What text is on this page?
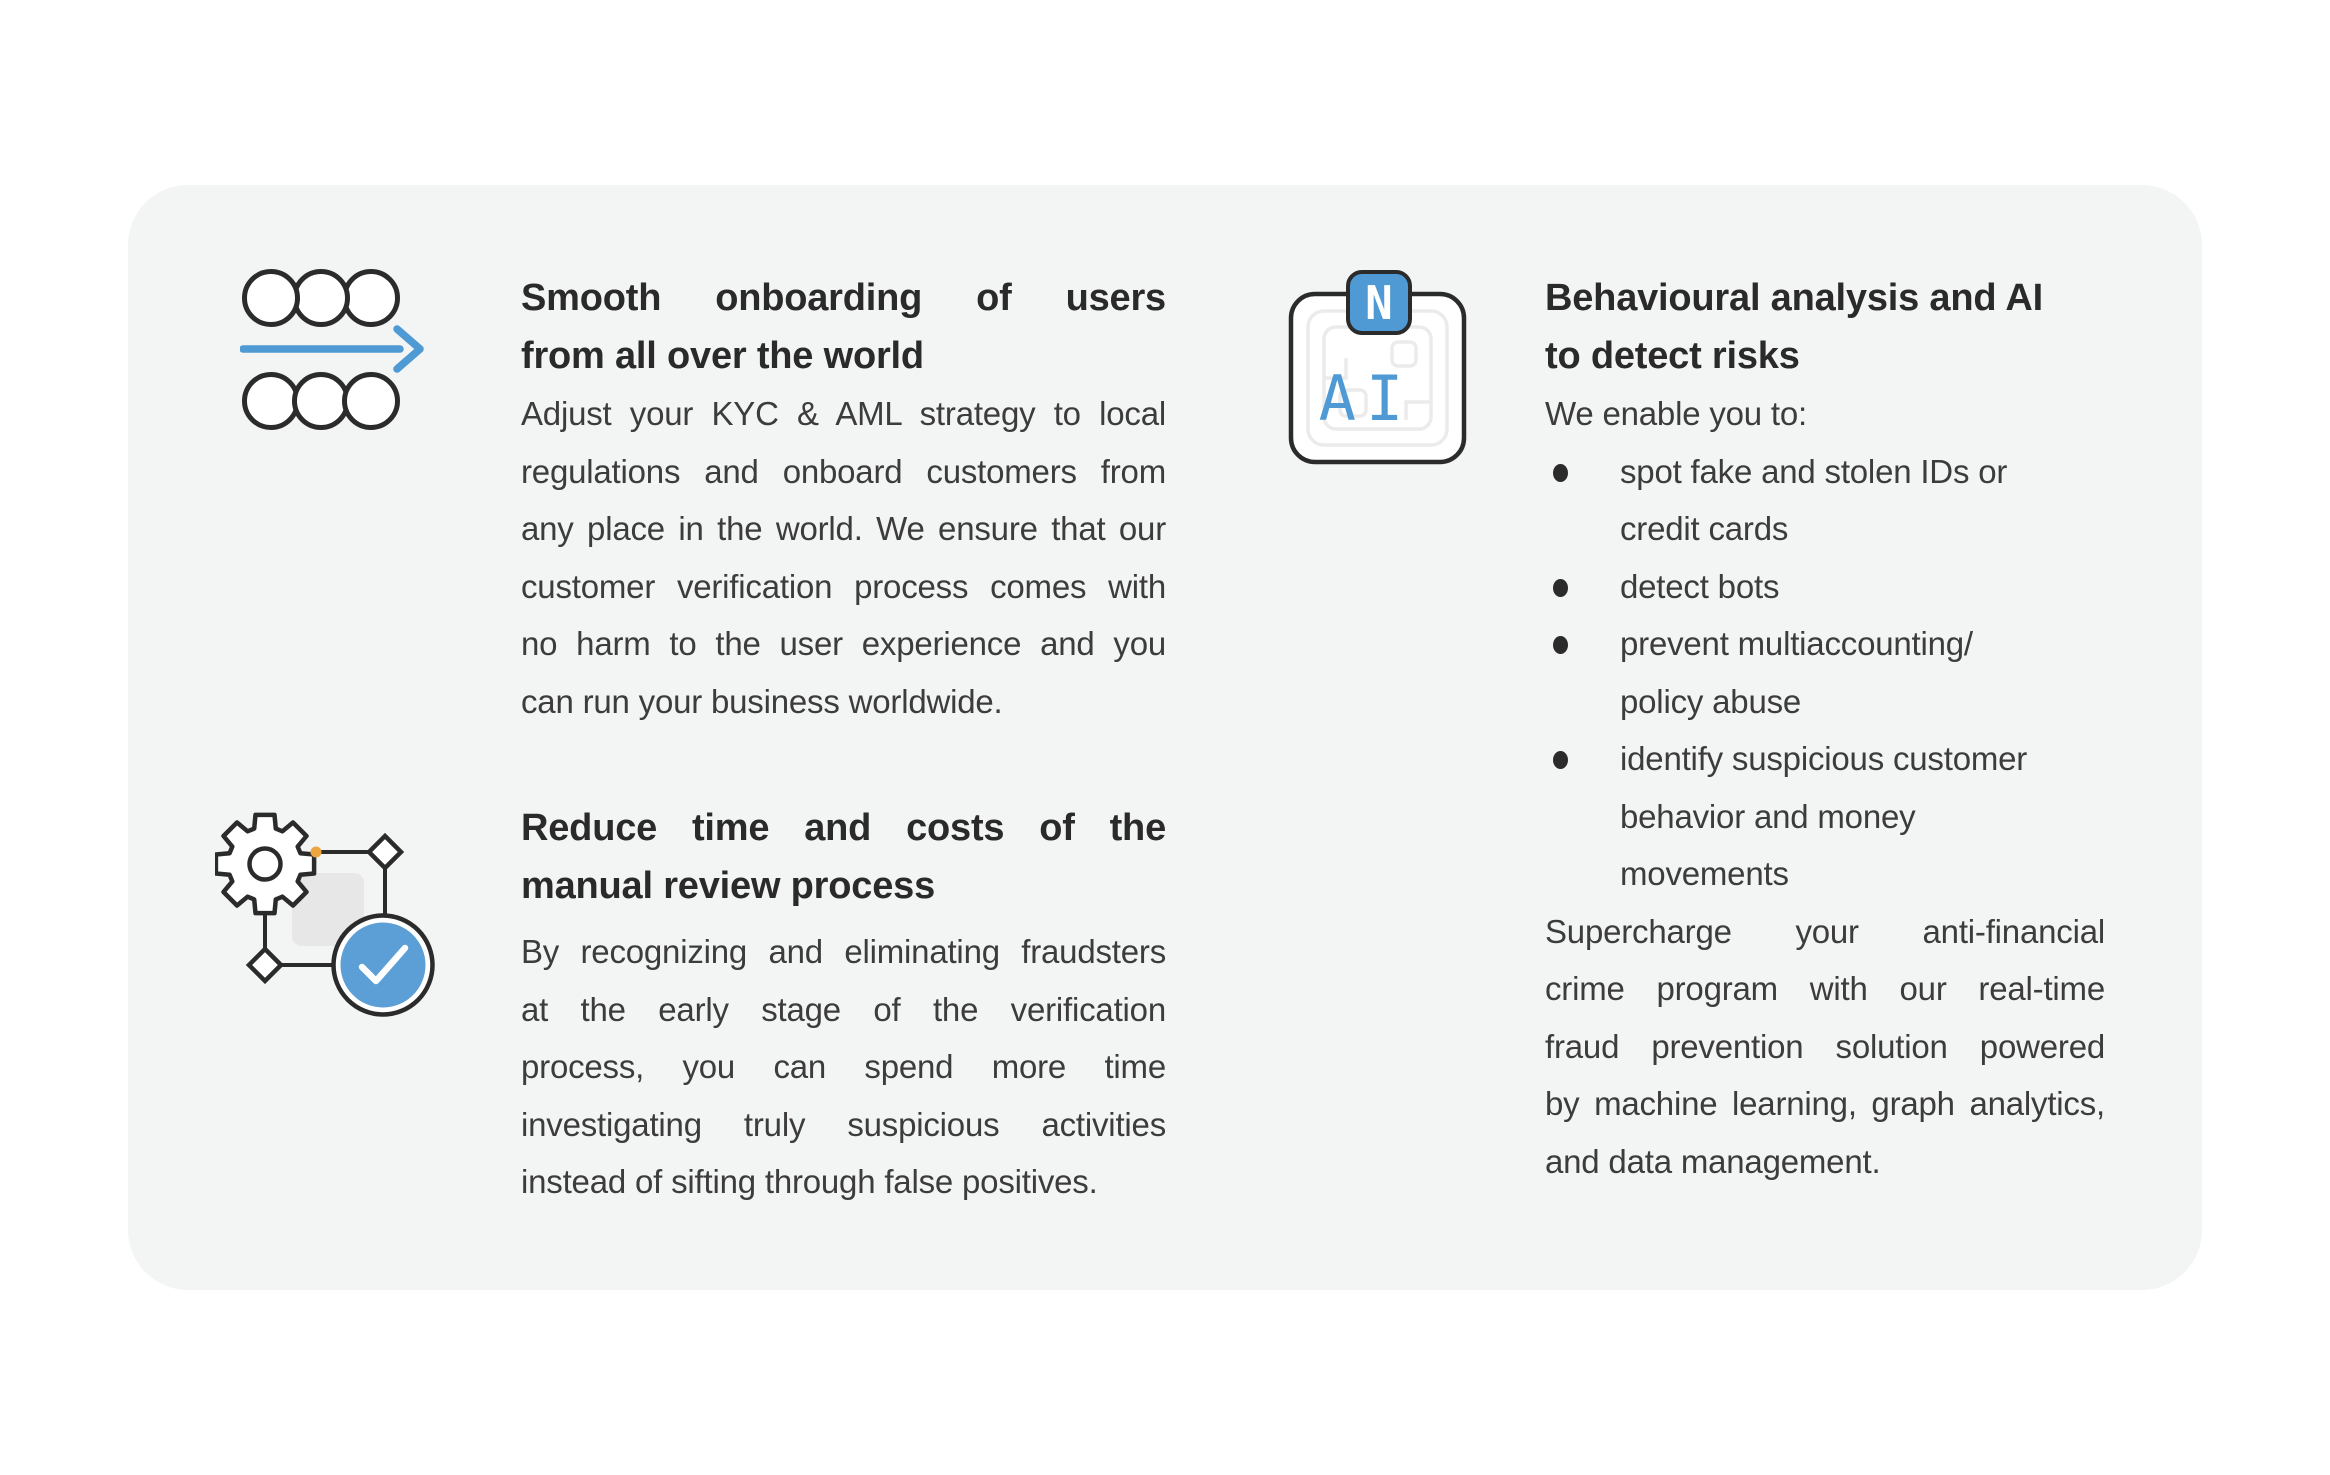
Smooth onboarding of users
from all over the world
Adjust your KYC & AML strategy to local
regulations and onboard customers from
any place in the world. We ensure that our
customer verification process comes with
no harm to the user experience and you
can run your business worldwide.
Reduce time and costs of the
manual review process
By recognizing and eliminating fraudsters
at the early stage of the verification
process, you can spend more time
investigating truly suspicious activities
instead of sifting through false positives.
AI
N	Behavioural analysis and AI
to detect risks
We enable you to:
spot fake and stolen IDs or
credit cards
detect bots
prevent multiaccounting/
policy abuse
identify suspicious customer
behavior and money
movements
Supercharge your anti-financial
crime program with our real-time
fraud prevention solution powered
by machine learning, graph analytics,
and data management.
